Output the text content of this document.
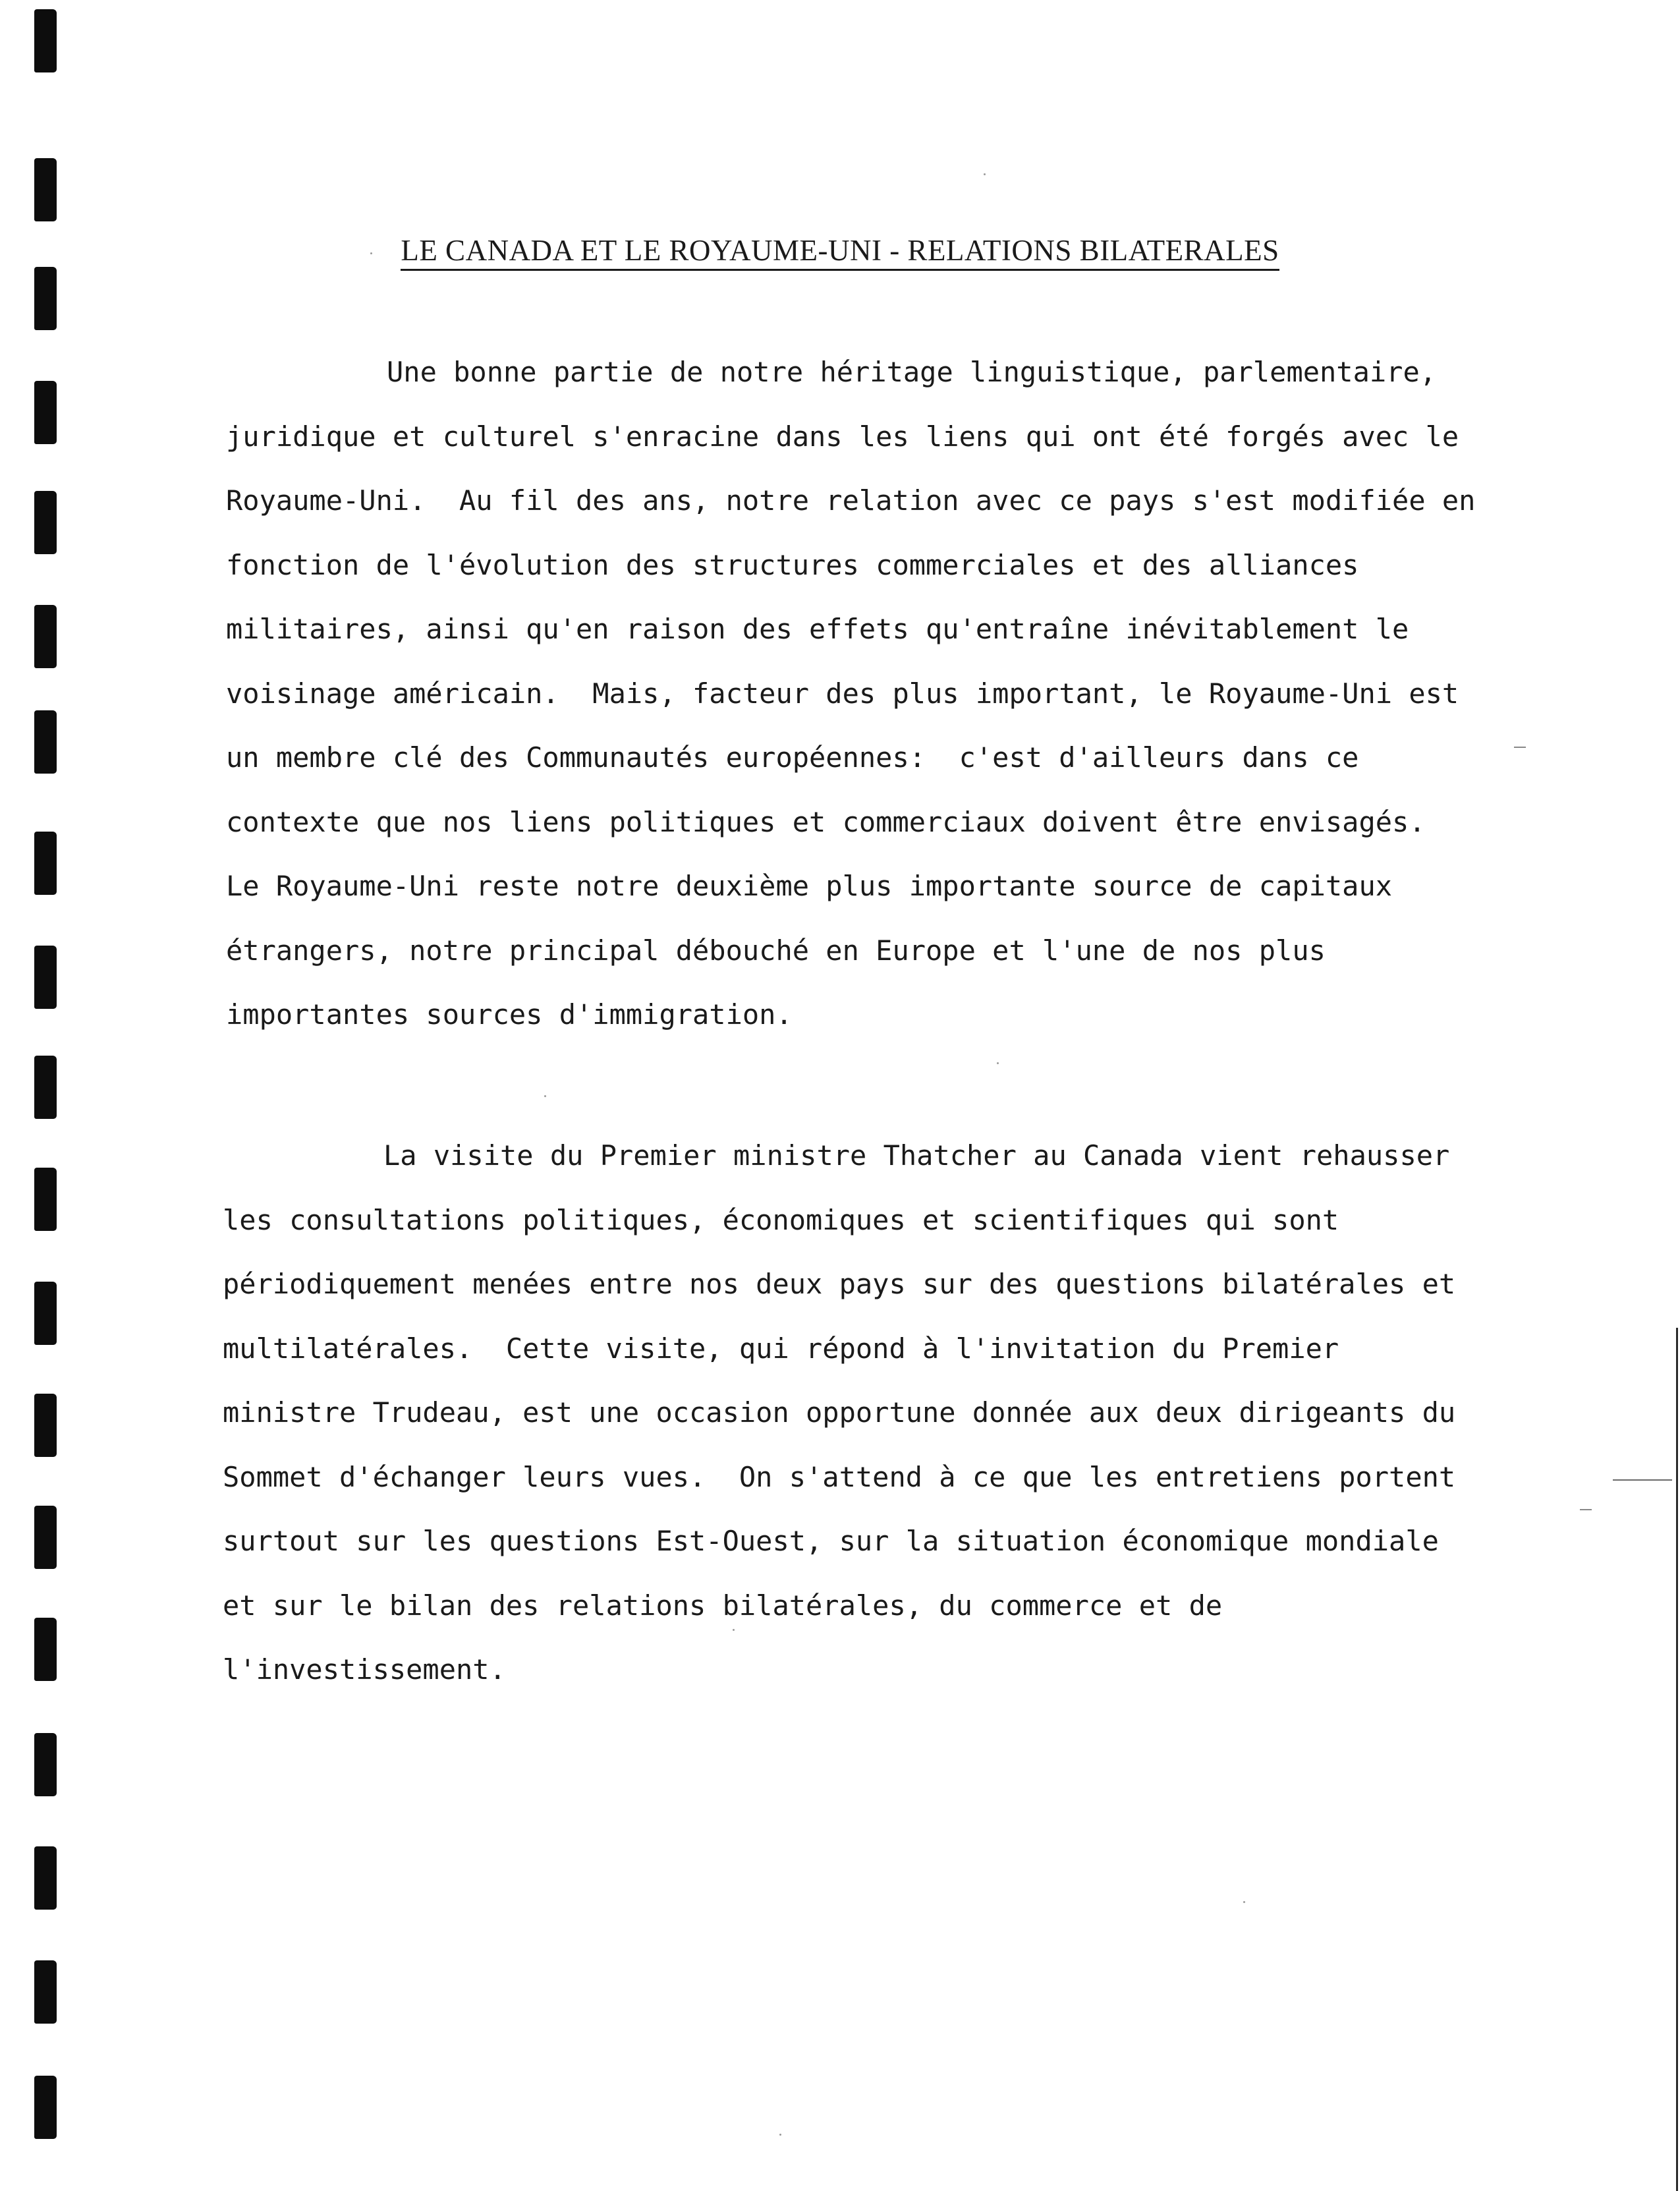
LE CANADA ET LE ROYAUME-UNI - RELATIONS BILATERALES
Une bonne partie de notre héritage linguistique, parlementaire,
juridique et culturel s'enracine dans les liens qui ont été forgés avec le
Royaume-Uni.  Au fil des ans, notre relation avec ce pays s'est modifiée en
fonction de l'évolution des structures commerciales et des alliances
militaires, ainsi qu'en raison des effets qu'entraîne inévitablement le
voisinage américain.  Mais, facteur des plus important, le Royaume-Uni est
un membre clé des Communautés européennes:  c'est d'ailleurs dans ce
contexte que nos liens politiques et commerciaux doivent être envisagés.
Le Royaume-Uni reste notre deuxième plus importante source de capitaux
étrangers, notre principal débouché en Europe et l'une de nos plus
importantes sources d'immigration.
La visite du Premier ministre Thatcher au Canada vient rehausser
les consultations politiques, économiques et scientifiques qui sont
périodiquement menées entre nos deux pays sur des questions bilatérales et
multilatérales.  Cette visite, qui répond à l'invitation du Premier
ministre Trudeau, est une occasion opportune donnée aux deux dirigeants du
Sommet d'échanger leurs vues.  On s'attend à ce que les entretiens portent
surtout sur les questions Est-Ouest, sur la situation économique mondiale
et sur le bilan des relations bilatérales, du commerce et de
l'investissement.
